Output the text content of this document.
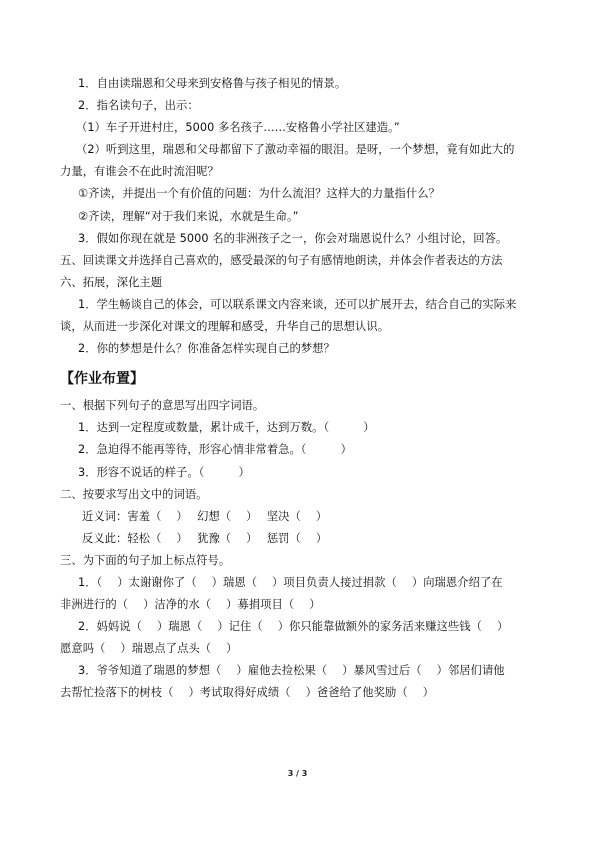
1．自由读瑞恩和父母来到安格鲁与孩子相见的情景。
2．指名读句子，出示：
（1）车子开进村庄，5000 多名孩子……安格鲁小学社区建造。”
（2）听到这里，瑞恩和父母都留下了激动幸福的眼泪。是呀，一个梦想，竟有如此大的
力量，有谁会不在此时流泪呢？
①齐读，并提出一个有价值的问题：为什么流泪？这样大的力量指什么？
②齐读，理解“对于我们来说，水就是生命。”
3．假如你现在就是 5000 名的非洲孩子之一，你会对瑞恩说什么？小组讨论，回答。
五、回读课文并选择自己喜欢的，感受最深的句子有感情地朗读，并体会作者表达的方法
六、拓展，深化主题
1．学生畅谈自己的体会，可以联系课文内容来谈，还可以扩展开去，结合自己的实际来
谈，从而进一步深化对课文的理解和感受，升华自己的思想认识。
2．你的梦想是什么？你准备怎样实现自己的梦想？
【作业布置】
一、根据下列句子的意思写出四字词语。
1．达到一定程度或数量，累计成千，达到万数。（　　　）
2．急迫得不能再等待，形容心情非常着急。（　　　）
3．形容不说话的样子。（　　　）
二、按要求写出文中的词语。
近义词：害羞（　 ）　 幻想（　 ）　 坚决（　 ）
反义此：轻松（　 ）　 犹豫（　 ）　 惩罚（　 ）
三、为下面的句子加上标点符号。
1．（　 ）太谢谢你了（　 ）瑞恩（　 ）项目负责人接过捐款（　 ）向瑞恩介绍了在
非洲进行的（　 ）洁净的水（　 ）募捐项目（　 ）
2．妈妈说（　 ）瑞恩（　 ）记住（　 ）你只能靠做额外的家务活来赚这些钱（　 ）
愿意吗（　 ）瑞恩点了点头（　 ）
3．爷爷知道了瑞恩的梦想（　 ）雇他去捡松果（　 ）暴风雪过后（　 ）邻居们请他
去帮忙捡落下的树枝（　 ）考试取得好成绩（　 ）爸爸给了他奖励（　 ）
3 / 3
